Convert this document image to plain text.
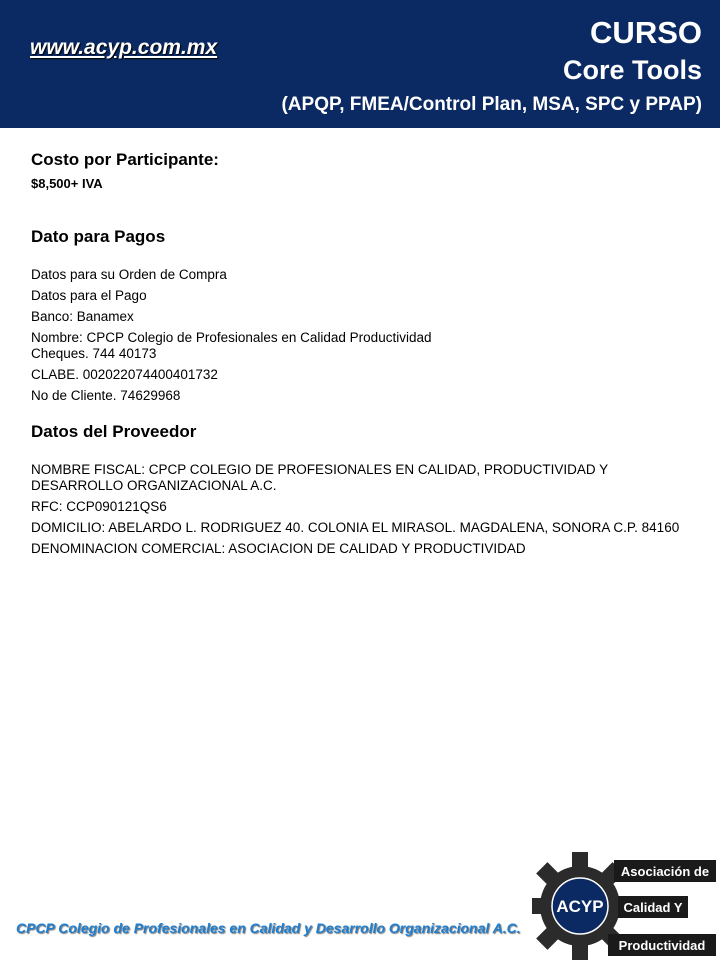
www.acyp.com.mx	CURSO
Core Tools
(APQP, FMEA/Control Plan, MSA, SPC y PPAP)

Costo por Participante:

$8,500+ IVA

Dato para Pagos

Datos para su Orden de Compra
Datos para el Pago
Banco: Banamex
Nombre: CPCP Colegio de Profesionales en Calidad Productividad
Cheques. 744 40173
CLABE. 002022074400401732
No de Cliente. 74629968

Datos del Proveedor

NOMBRE FISCAL: CPCP COLEGIO DE PROFESIONALES EN CALIDAD, PRODUCTIVIDAD Y DESARROLLO ORGANIZACIONAL A.C.
RFC: CCP090121QS6
DOMICILIO: ABELARDO L. RODRIGUEZ 40. COLONIA EL MIRASOL. MAGDALENA, SONORA C.P. 84160
DENOMINACION COMERCIAL: ASOCIACION DE CALIDAD Y PRODUCTIVIDAD
CPCP Colegio de Profesionales en Calidad y Desarrollo Organizacional A.C.
ACYP
Asociación de
Calidad Y
Productividad
